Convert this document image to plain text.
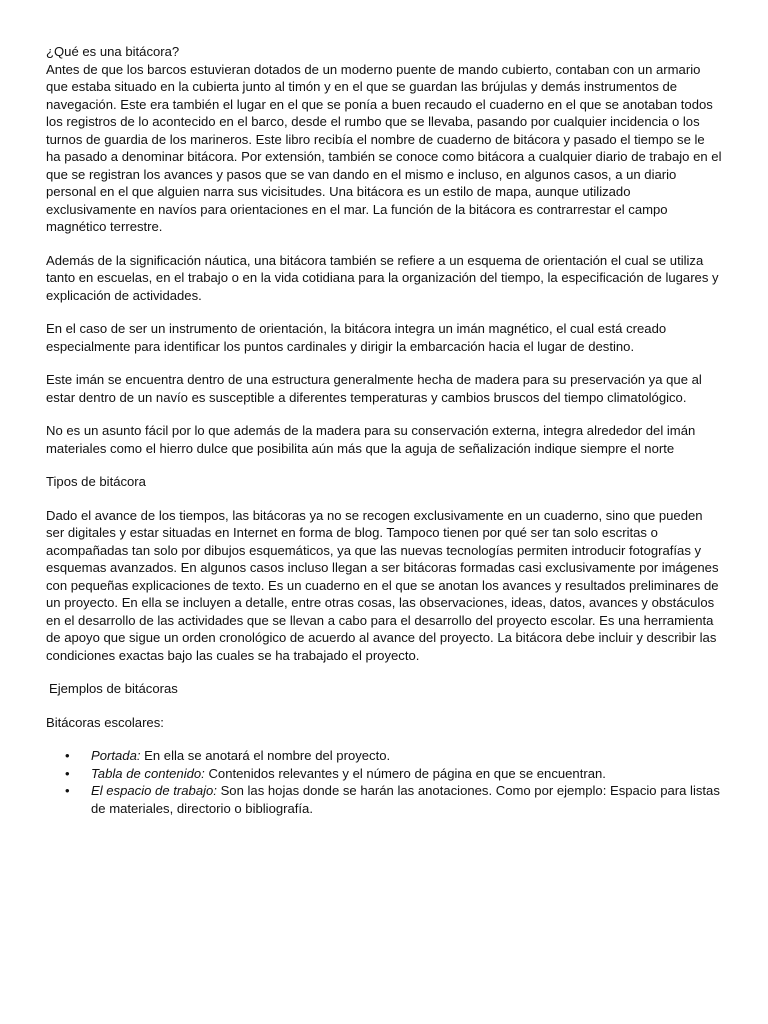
¿Qué es una bitácora?

Antes de que los barcos estuvieran dotados de un moderno puente de mando cubierto, contaban con un armario que estaba situado en la cubierta junto al timón y en el que se guardan las brújulas y demás instrumentos de navegación. Este era también el lugar en el que se ponía a buen recaudo el cuaderno en el que se anotaban todos los registros de lo acontecido en el barco, desde el rumbo que se llevaba, pasando por cualquier incidencia o los turnos de guardia de los marineros. Este libro recibía el nombre de cuaderno de bitácora y pasado el tiempo se le ha pasado a denominar bitácora. Por extensión, también se conoce como bitácora a cualquier diario de trabajo en el que se registran los avances y pasos que se van dando en el mismo e incluso, en algunos casos, a un diario personal en el que alguien narra sus vicisitudes. Una bitácora es un estilo de mapa, aunque utilizado exclusivamente en navíos para orientaciones en el mar. La función de la bitácora es contrarrestar el campo magnético terrestre.

Además de la significación náutica, una bitácora también se refiere a un esquema de orientación el cual se utiliza tanto en escuelas, en el trabajo o en la vida cotidiana para la organización del tiempo, la especificación de lugares y explicación de actividades.

En el caso de ser un instrumento de orientación, la bitácora integra un imán magnético, el cual está creado especialmente para identificar los puntos cardinales y dirigir la embarcación hacia el lugar de destino.

Este imán se encuentra dentro de una estructura generalmente hecha de madera para su preservación ya que al estar dentro de un navío es susceptible a diferentes temperaturas y cambios bruscos del tiempo climatológico.

No es un asunto fácil por lo que además de la madera para su conservación externa, integra alrededor del imán materiales como el hierro dulce que posibilita aún más que la aguja de señalización indique siempre el norte

Tipos de bitácora

Dado el avance de los tiempos, las bitácoras ya no se recogen exclusivamente en un cuaderno, sino que pueden ser digitales y estar situadas en Internet en forma de blog. Tampoco tienen por qué ser tan solo escritas o acompañadas tan solo por dibujos esquemáticos, ya que las nuevas tecnologías permiten introducir fotografías y esquemas avanzados. En algunos casos incluso llegan a ser bitácoras formadas casi exclusivamente por imágenes con pequeñas explicaciones de texto. Es un cuaderno en el que se anotan los avances y resultados preliminares de un proyecto. En ella se incluyen a detalle, entre otras cosas, las observaciones, ideas, datos, avances y obstáculos en el desarrollo de las actividades que se llevan a cabo para el desarrollo del proyecto escolar. Es una herramienta de apoyo que sigue un orden cronológico de acuerdo al avance del proyecto. La bitácora debe incluir y describir las condiciones exactas bajo las cuales se ha trabajado el proyecto.

Ejemplos de bitácoras

Bitácoras escolares:

• Portada: En ella se anotará el nombre del proyecto.
• Tabla de contenido: Contenidos relevantes y el número de página en que se encuentran.
• El espacio de trabajo: Son las hojas donde se harán las anotaciones. Como por ejemplo: Espacio para listas de materiales, directorio o bibliografía.
